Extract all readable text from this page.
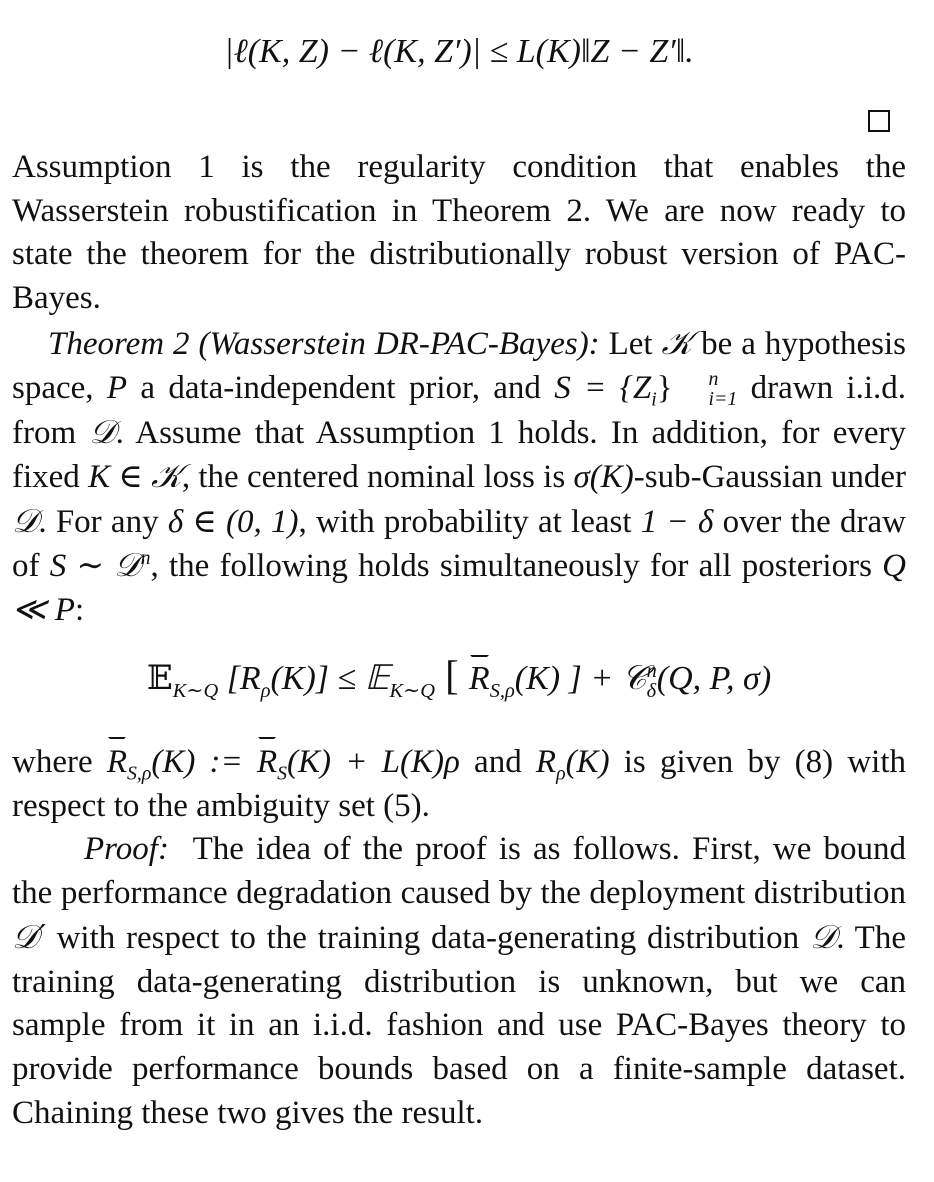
|ℓ(K, Z) − ℓ(K, Z′)| ≤ L(K)‖Z − Z′‖.

Assumption 1 is the regularity condition that enables the Wasserstein robustification in Theorem 2. We are now ready to state the theorem for the distributionally robust version of PAC-Bayes.

Theorem 2 (Wasserstein DR-PAC-Bayes): Let 𝒦 be a hypothesis space, P a data-independent prior, and $S = \{Z_i\}$	n
i=1 drawn i.i.d. from 𝒟. Assume that Assumption 1 holds. In addition, for every fixed K ∈ 𝒦, the centered nominal loss is σ(K)-sub-Gaussian under 𝒟. For any δ ∈ (0, 1), with probability at least 1 − δ over the draw of S ∼ 𝒟$^n$, the following holds simultaneously for all posteriors Q ≪ P:

𝔼$_{K\sim Q}$ $[R_\rho(K)]$ ≤ 𝔼$_{K\sim Q}$ [ $R_{S,\rho}(K)$ ] + 𝒞 n
δ (Q, P, σ)

where $R_{S,\rho}(K)$ := $R_S(K) + L(K)\rho$ and $R_\rho(K)$ is given by (8) with respect to the ambiguity set (5).

Proof:  The idea of the proof is as follows. First, we bound the performance degradation caused by the deployment distribution 𝒟′ with respect to the training data-generating distribution 𝒟. The training data-generating distribution is unknown, but we can sample from it in an i.i.d. fashion and use PAC-Bayes theory to provide performance bounds based on a finite-sample dataset. Chaining these two gives the result.
